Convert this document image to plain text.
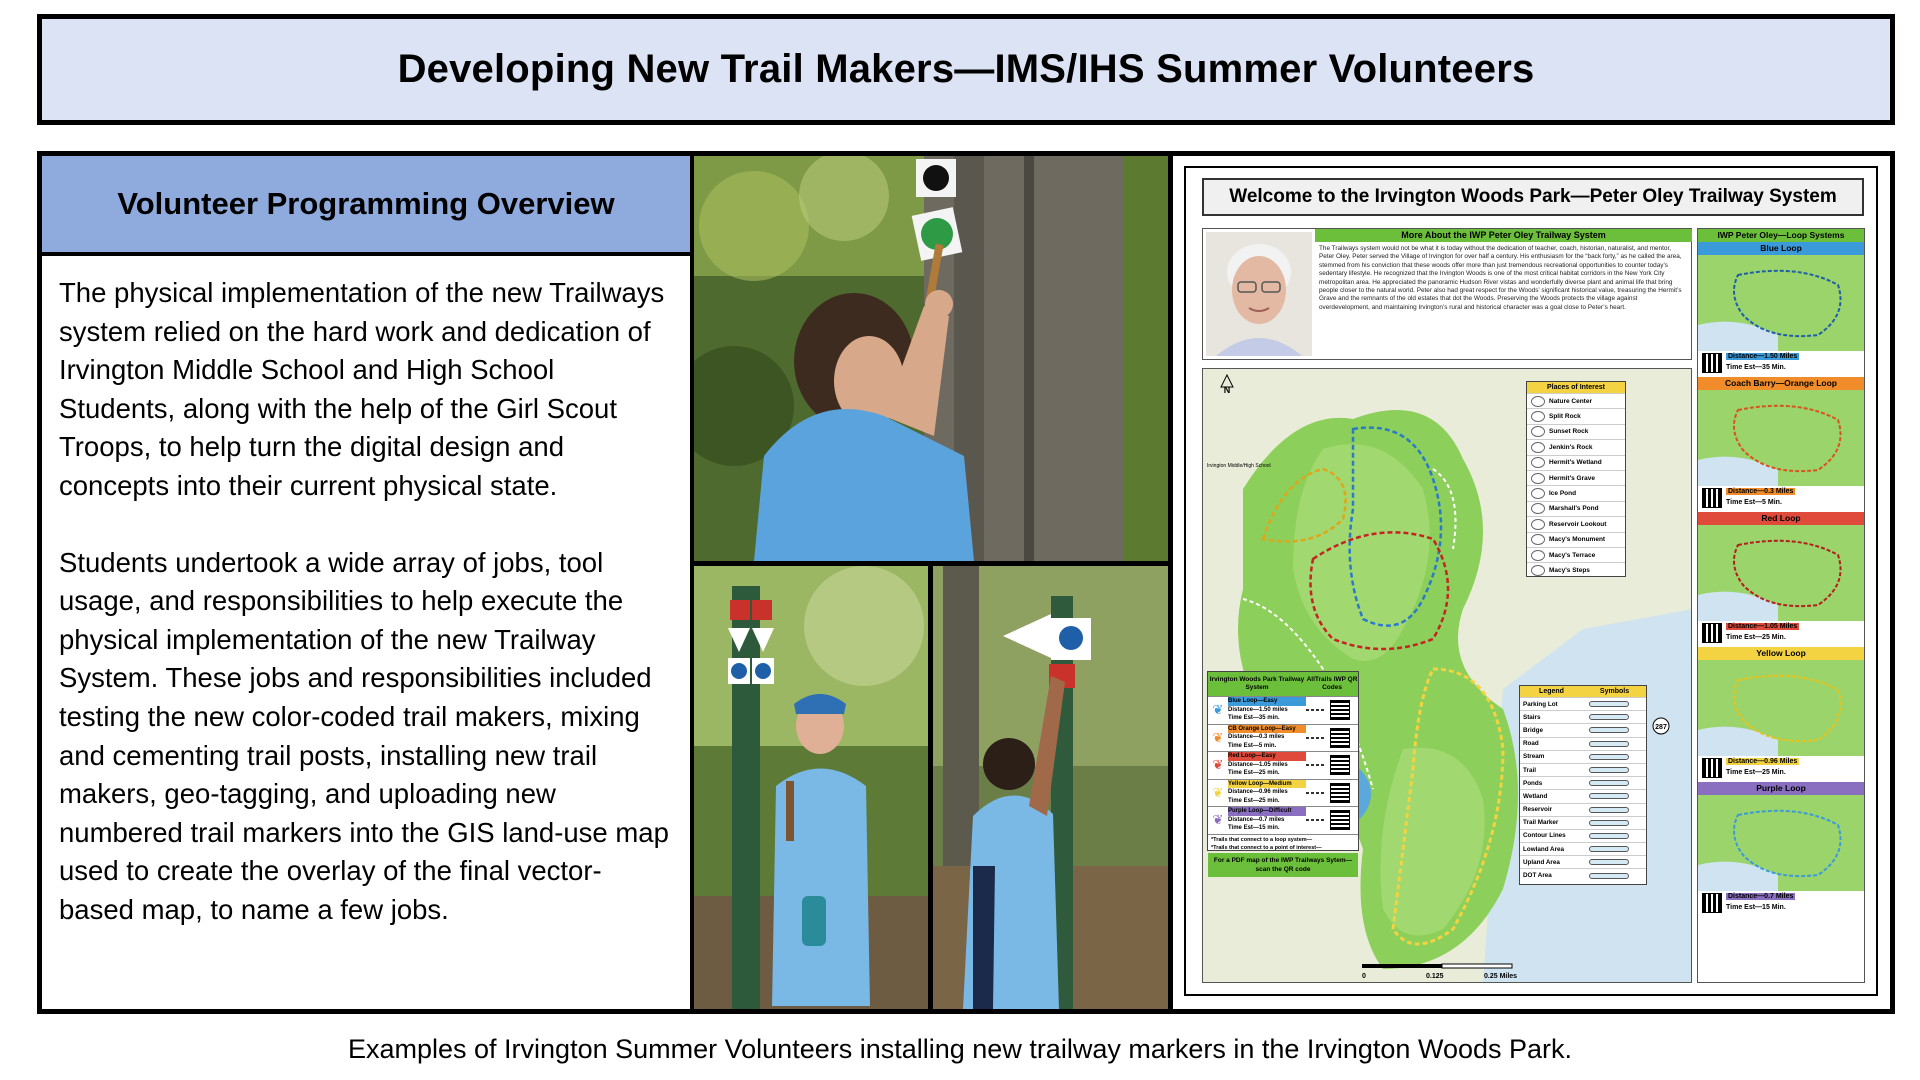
Developing New Trail Makers—IMS/IHS Summer Volunteers
Volunteer Programming Overview

The physical implementation of the new Trailways system relied on the hard work and dedication of Irvington Middle School and High School Students, along with the help of the Girl Scout Troops, to help turn the digital design and concepts into their current physical state.

Students undertook a wide array of jobs, tool usage, and responsibilities to help execute the physical implementation of the new Trailway System. These jobs and responsibilities included testing the new color-coded trail makers, mixing and cementing trail posts, installing new trail makers, geo-tagging, and uploading new numbered trail markers into the GIS land-use map used to create the overlay of the final vector-based map, to name a few jobs.

Welcome to the Irvington Woods Park—Peter Oley Trailway System
More About the IWP Peter Oley Trailway System
The Trailways system would not be what it is today without the dedication of teacher, coach, historian, naturalist, and mentor, Peter Oley. Peter served the Village of Irvington for over half a century. His enthusiasm for the “back forty,” as he called the area, stemmed from his conviction that these woods offer more than just tremendous recreational opportunities to counter today’s sedentary lifestyle. He recognized that the Irvington Woods is one of the most critical habitat corridors in the New York City metropolitan area. He appreciated the panoramic Hudson River vistas and wonderfully diverse plant and animal life that bring people closer to the natural world. Peter also had great respect for the Woods’ significant historical value, treasuring the Hermit’s Grave and the remnants of the old estates that dot the Woods. Preserving the Woods protects the village against overdevelopment, and maintaining Irvington’s rural and historical character was a goal close to Peter’s heart.
IWP Peter Oley—Loop Systems
Blue Loop
Distance—1.50 Miles
Time Est—35 Min.
Coach Barry—Orange Loop
Distance—0.3 Miles
Time Est—5 Min.
Red Loop
Distance—1.05 Miles
Time Est—25 Min.
Yellow Loop
Distance—0.96 Miles
Time Est—25 Min.
Purple Loop
Distance—0.7 Miles
Time Est—15 Min.
Irvington Middle/High School
287
N	Places of Interest
Nature Center
Split Rock
Sunset Rock
Jenkin's Rock
Hermit's Wetland
Hermit's Grave
Ice Pond
Marshall's Pond
Reservoir Lookout
Macy's Monument
Macy's Terrace
Macy's Steps
Legend	Symbols
Parking Lot
Stairs
Bridge
Road
Stream
Trail
Ponds
Wetland
Reservoir
Trail Marker
Contour Lines
Lowland Area
Upland Area
DOT Area
Irvington Woods Park Trailway System
AllTrails IWP QR Codes
❦
Blue Loop—Easy
Distance—1.50 miles
Time Est—35 min.
❦
CB Orange Loop—Easy
Distance—0.3 miles
Time Est—5 min.
❦
Red Loop—Easy
Distance—1.05 miles
Time Est—25 min.
❦
Yellow Loop—Medium
Distance—0.96 miles
Time Est—25 min.
❦
Purple Loop—Difficult
Distance—0.7 miles
Time Est—15 min.
*Trails that connect to a loop system—
*Trails that connect to a point of interest—
For a PDF map of the IWP Trailways Sytem—scan the QR code
0	0.125	0.25 Miles
Examples of Irvington Summer Volunteers installing new trailway markers in the Irvington Woods Park.
